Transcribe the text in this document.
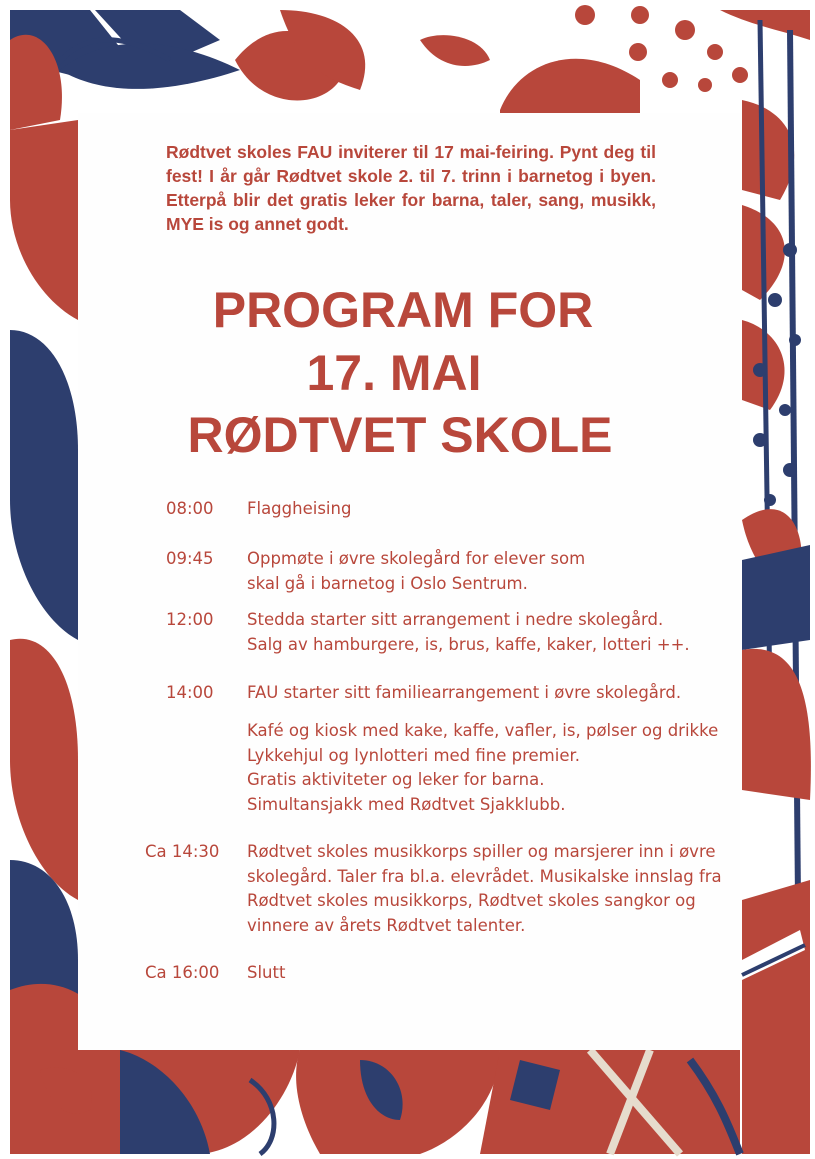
Rødtvet skoles FAU inviterer til 17 mai-feiring. Pynt deg til fest! I år går Rødtvet skole 2. til 7. trinn i barnetog i byen. Etterpå blir det gratis leker for barna, taler, sang, musikk, MYE is og annet godt.

PROGRAM FOR
17. MAI
RØDTVET SKOLE
08:00 Flaggheising
09:45 Oppmøte i øvre skolegård for elever som
skal gå i barnetog i Oslo Sentrum.
12:00 Stedda starter sitt arrangement i nedre skolegård.
Salg av hamburgere, is, brus, kaffe, kaker, lotteri ++.
14:00 FAU starter sitt familiearrangement i øvre skolegård.
Kafé og kiosk med kake, kaffe, vafler, is, pølser og drikke
Lykkehjul og lynlotteri med fine premier.
Gratis aktiviteter og leker for barna.
Simultansjakk med Rødtvet Sjakklubb.
Ca 14:30 Rødtvet skoles musikkorps spiller og marsjerer inn i øvre
skolegård. Taler fra bl.a. elevrådet. Musikalske innslag fra
Rødtvet skoles musikkorps, Rødtvet skoles sangkor og
vinnere av årets Rødtvet talenter.
Ca 16:00 Slutt
